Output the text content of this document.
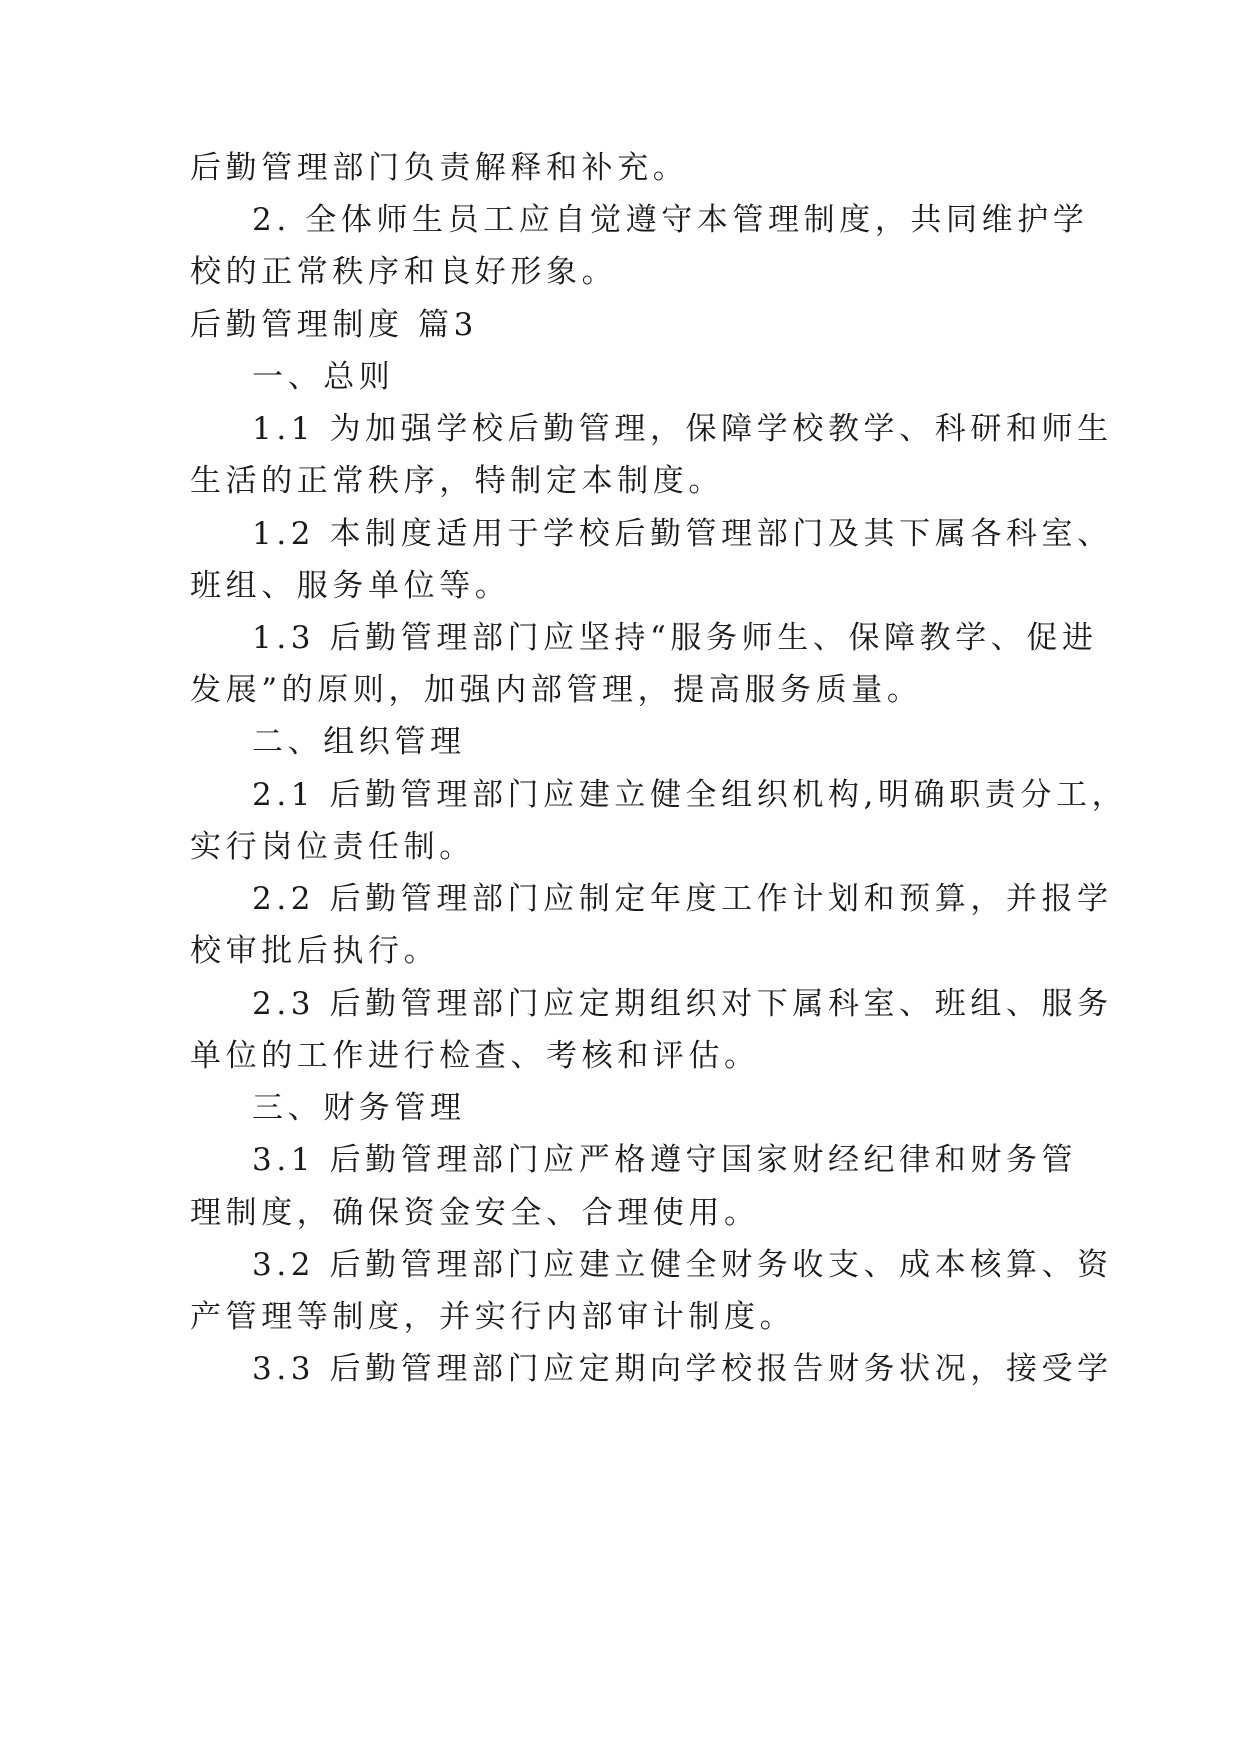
后勤管理部门负责解释和补充。
2. 全体师生员工应自觉遵守本管理制度，共同维护学
校的正常秩序和良好形象。
后勤管理制度 篇3
一、总则
1.1 为加强学校后勤管理，保障学校教学、科研和师生
生活的正常秩序，特制定本制度。
1.2 本制度适用于学校后勤管理部门及其下属各科室、
班组、服务单位等。
1.3 后勤管理部门应坚持“服务师生、保障教学、促进
发展”的原则，加强内部管理，提高服务质量。
二、组织管理
2.1 后勤管理部门应建立健全组织机构,明确职责分工，
实行岗位责任制。
2.2 后勤管理部门应制定年度工作计划和预算，并报学
校审批后执行。
2.3 后勤管理部门应定期组织对下属科室、班组、服务
单位的工作进行检查、考核和评估。
三、财务管理
3.1 后勤管理部门应严格遵守国家财经纪律和财务管
理制度，确保资金安全、合理使用。
3.2 后勤管理部门应建立健全财务收支、成本核算、资
产管理等制度，并实行内部审计制度。
3.3 后勤管理部门应定期向学校报告财务状况，接受学
